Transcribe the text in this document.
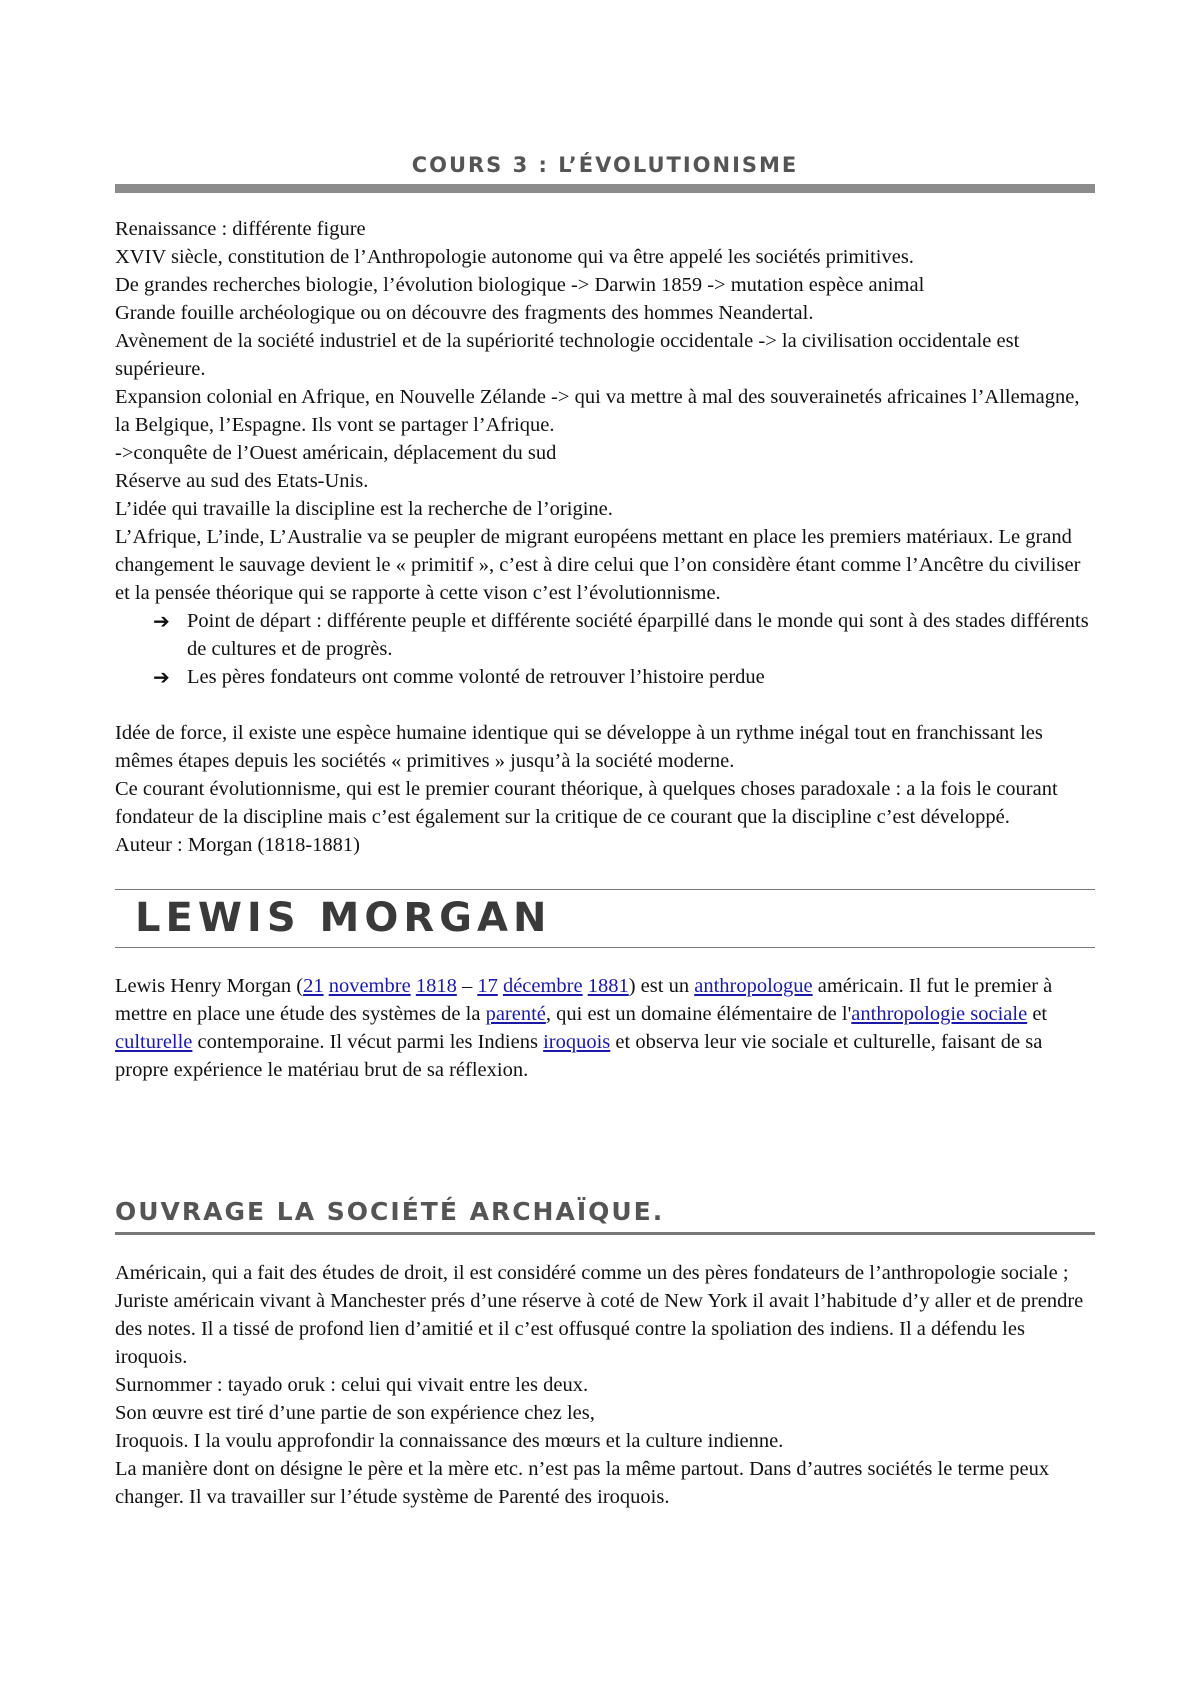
COURS 3 : L’ÉVOLUTIONISME

Renaissance : différente figure

XVIV siècle, constitution de l’Anthropologie autonome qui va être appelé les sociétés primitives.

De grandes recherches biologie, l’évolution biologique -> Darwin 1859 -> mutation espèce animal

Grande fouille archéologique ou on découvre des fragments des hommes Neandertal.

Avènement de la société industriel et de la supériorité technologie occidentale -> la civilisation occidentale est supérieure.

Expansion colonial en Afrique, en Nouvelle Zélande -> qui va mettre à mal des souverainetés africaines l’Allemagne, la Belgique, l’Espagne. Ils vont se partager l’Afrique.

->conquête de l’Ouest américain, déplacement du sud

Réserve au sud des Etats-Unis.

L’idée qui travaille la discipline est la recherche de l’origine.

L’Afrique, L’inde, L’Australie va se peupler de migrant européens mettant en place les premiers matériaux. Le grand changement le sauvage devient le « primitif », c’est à dire celui que l’on considère étant comme l’Ancêtre du civiliser et la pensée théorique qui se rapporte à cette vison c’est l’évolutionnisme.

➔ Point de départ : différente peuple et différente société éparpillé dans le monde qui sont à des stades différents de cultures et de progrès.
➔ Les pères fondateurs ont comme volonté de retrouver l’histoire perdue

Idée de force, il existe une espèce humaine identique qui se développe à un rythme inégal tout en franchissant les mêmes étapes depuis les sociétés « primitives » jusqu’à la société moderne.

Ce courant évolutionnisme, qui est le premier courant théorique, à quelques choses paradoxale : a la fois le courant fondateur de la discipline mais c’est également sur la critique de ce courant que la discipline c’est développé.

Auteur : Morgan (1818-1881)

LEWIS MORGAN

Lewis Henry Morgan (21 novembre 1818 – 17 décembre 1881) est un anthropologue américain. Il fut le premier à mettre en place une étude des systèmes de la parenté, qui est un domaine élémentaire de l'anthropologie sociale et culturelle contemporaine. Il vécut parmi les Indiens iroquois et observa leur vie sociale et culturelle, faisant de sa propre expérience le matériau brut de sa réflexion.

OUVRAGE LA SOCIÉTÉ ARCHAÏQUE.

Américain, qui a fait des études de droit, il est considéré comme un des pères fondateurs de l’anthropologie sociale ; Juriste américain vivant à Manchester prés d’une réserve à coté de New York il avait l’habitude d’y aller et de prendre des notes. Il a tissé de profond lien d’amitié et il c’est offusqué contre la spoliation des indiens. Il a défendu les iroquois.

Surnommer : tayado oruk : celui qui vivait entre les deux.

Son œuvre est tiré d’une partie de son expérience chez les,

Iroquois. I la voulu approfondir la connaissance des mœurs et la culture indienne.

La manière dont on désigne le père et la mère etc. n’est pas la même partout. Dans d’autres sociétés le terme peux changer. Il va travailler sur l’étude système de Parenté des iroquois.
